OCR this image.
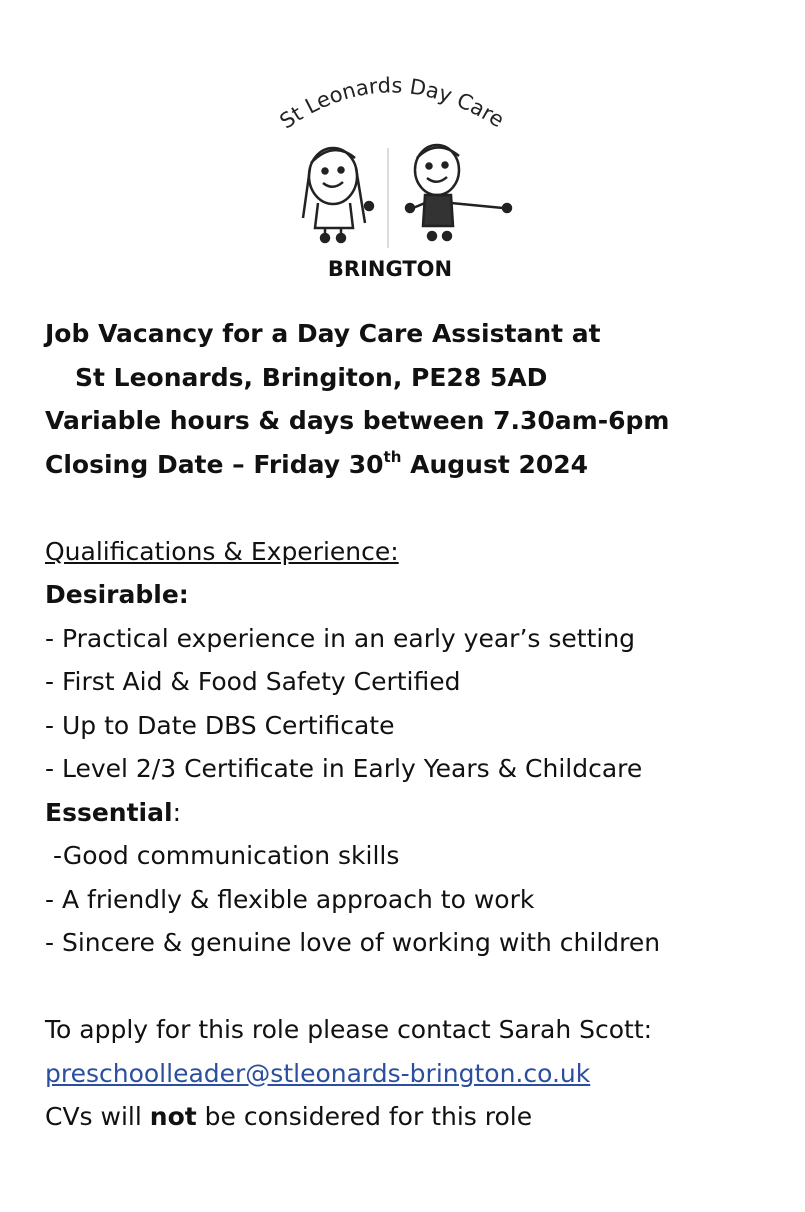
St Leonards Day Care
BRINGTON
Job Vacancy for a Day Care Assistant at
St Leonards, Bringiton, PE28 5AD
Variable hours & days between 7.30am-6pm
Closing Date – Friday 30th August 2024
Qualifications & Experience:
Desirable:
- Practical experience in an early year’s setting
- First Aid & Food Safety Certified
- Up to Date DBS Certificate
- Level 2/3 Certificate in Early Years & Childcare
Essential:
-Good communication skills
- A friendly & flexible approach to work
- Sincere & genuine love of working with children
To apply for this role please contact Sarah Scott:
preschoolleader@stleonards-brington.co.uk
CVs will not be considered for this role
